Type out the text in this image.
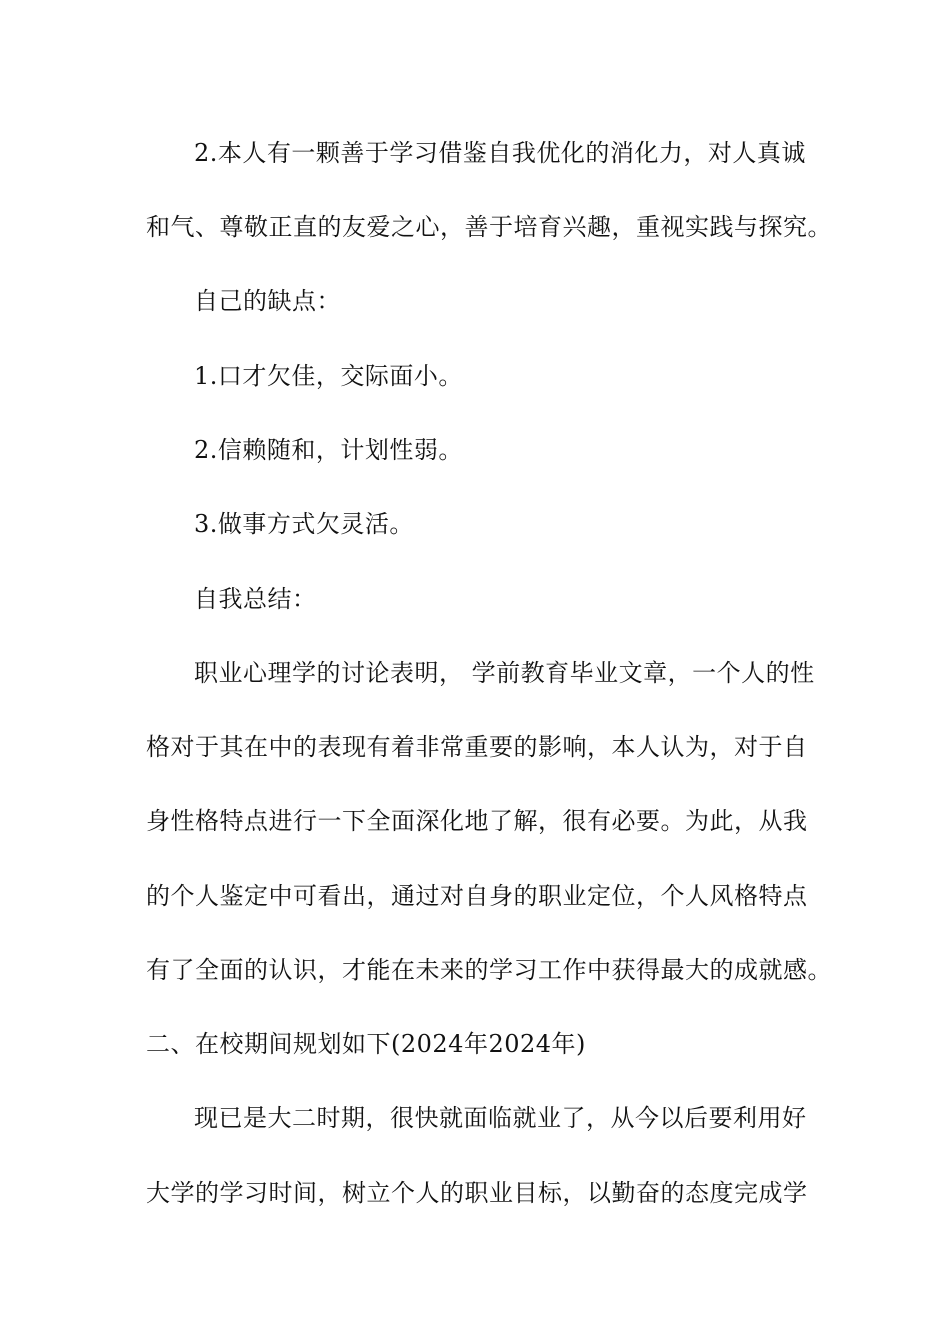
2.本人有一颗善于学习借鉴自我优化的消化力，对人真诚
和气、尊敬正直的友爱之心，善于培育兴趣，重视实践与探究。
自己的缺点：
1.口才欠佳，交际面小。
2.信赖随和，计划性弱。
3.做事方式欠灵活。
自我总结：
职业心理学的讨论表明， 学前教育毕业文章，一个人的性
格对于其在中的表现有着非常重要的影响，本人认为，对于自
身性格特点进行一下全面深化地了解，很有必要。为此，从我
的个人鉴定中可看出，通过对自身的职业定位，个人风格特点
有了全面的认识，才能在未来的学习工作中获得最大的成就感。
二、在校期间规划如下(2024年2024年)
现已是大二时期，很快就面临就业了，从今以后要利用好
大学的学习时间，树立个人的职业目标，以勤奋的态度完成学
